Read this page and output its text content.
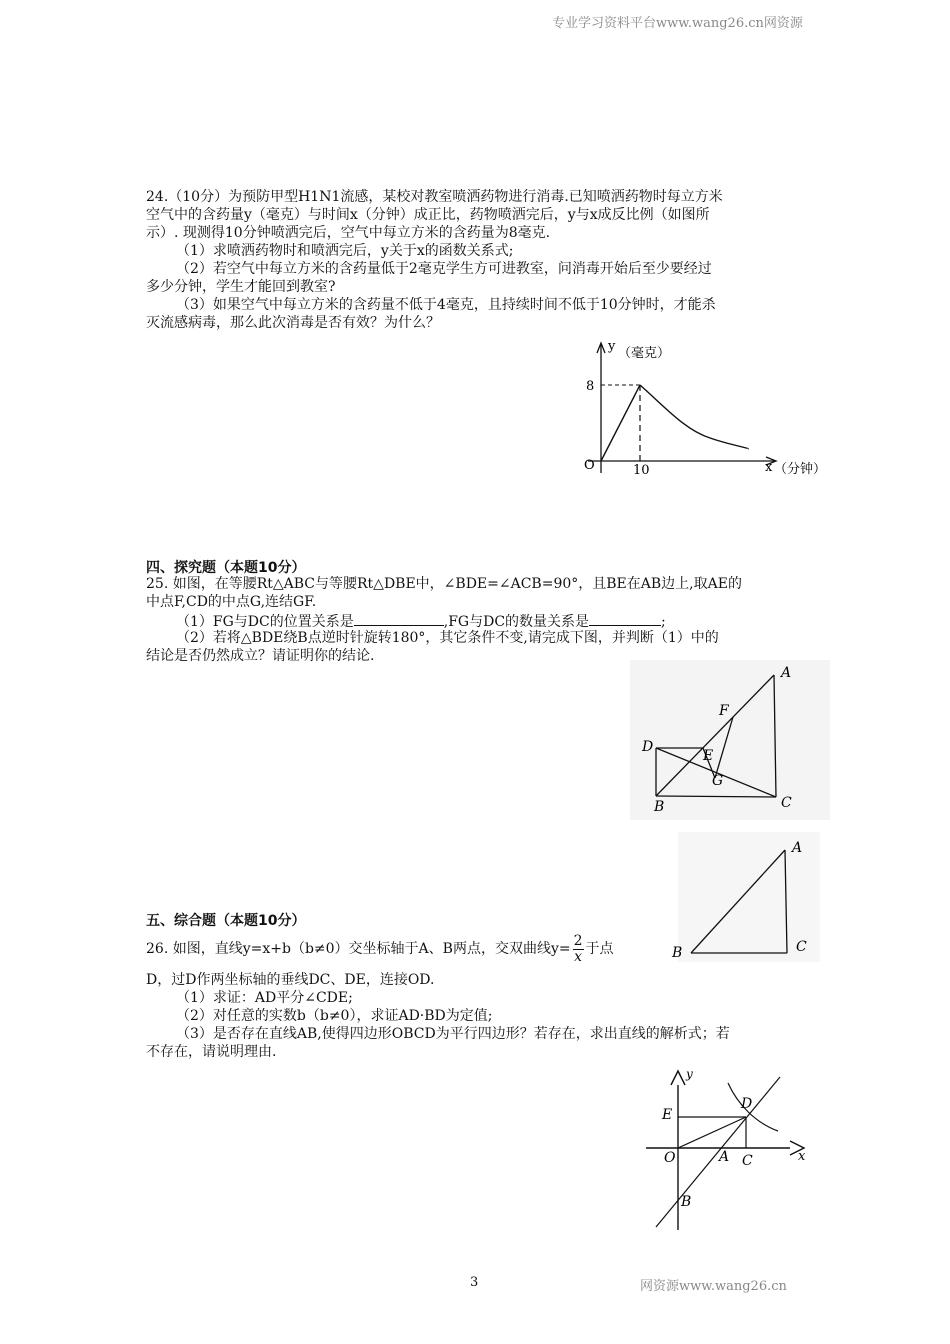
专业学习资料平台www.wang26.cn网资源
24.（10分）为预防甲型H1N1流感，某校对教室喷洒药物进行消毒.已知喷洒药物时每立方米
空气中的含药量y（毫克）与时间x（分钟）成正比，药物喷洒完后，y与x成反比例（如图所
示）. 现测得10分钟喷洒完后，空气中每立方米的含药量为8毫克.
（1）求喷洒药物时和喷洒完后，y关于x的函数关系式;
（2）若空气中每立方米的含药量低于2毫克学生方可进教室，问消毒开始后至少要经过
多少分钟，学生才能回到教室?
（3）如果空气中每立方米的含药量不低于4毫克，且持续时间不低于10分钟时，才能杀
灭流感病毒，那么此次消毒是否有效？为什么？
y （毫克）
8
O	10	x （分钟）
四、探究题（本题10分）
25. 如图，在等腰Rt△ABC与等腰Rt△DBE中，∠BDE=∠ACB=90°，且BE在AB边上,取AE的
中点F,CD的中点G,连结GF.
（1）FG与DC的位置关系是	,FG与DC的数量关系是	;
（2）若将△BDE绕B点逆时针旋转180°，其它条件不变,请完成下图，并判断（1）中的
结论是否仍然成立？请证明你的结论.
A
F
D
E
G
B	C
A
B	C
五、综合题（本题10分）
26. 如图，直线y=x+b（b≠0）交坐标轴于A、B两点，交双曲线$y= \frac{2}{x}$ 于点
D，过D作两坐标轴的垂线DC、DE，连接OD.
（1）求证：AD平分∠CDE;
（2）对任意的实数b（b≠0），求证AD·BD为定值;
（3）是否存在直线AB,使得四边形OBCD为平行四边形？若存在，求出直线的解析式；若
不存在，请说明理由.
y
x
D
E
O	A C
B
3	网资源www.wang26.cn
